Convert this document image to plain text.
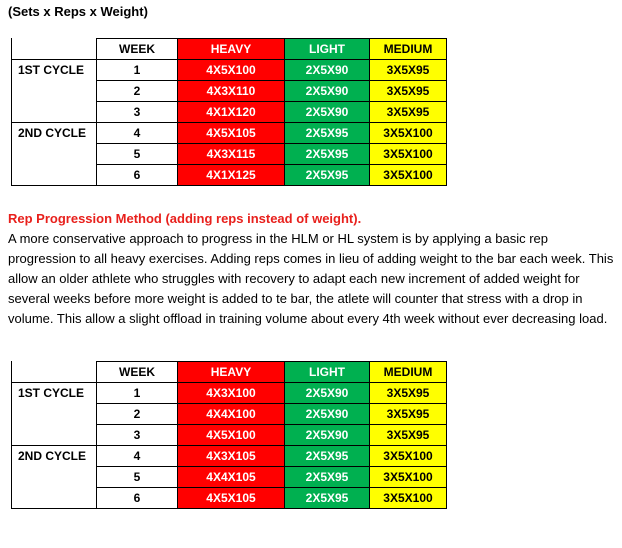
(Sets x Reps x Weight)
	WEEK	HEAVY	LIGHT	MEDIUM
1ST CYCLE	1	4X5X100	2X5X90	3X5X95
	2	4X3X110	2X5X90	3X5X95
	3	4X1X120	2X5X90	3X5X95
2ND CYCLE	4	4X5X105	2X5X95	3X5X100
	5	4X3X115	2X5X95	3X5X100
	6	4X1X125	2X5X95	3X5X100
Rep Progression Method (adding reps instead of weight).

A more conservative approach to progress in the HLM or HL system is by applying a basic rep progression to all heavy exercises. Adding reps comes in lieu of adding weight to the bar each week. This allow an older athlete who struggles with recovery to adapt each new increment of added weight for several weeks before more weight is added to te bar, the atlete will counter that stress with a drop in volume. This allow a slight offload in training volume about every 4th week without ever decreasing load.

	WEEK	HEAVY	LIGHT	MEDIUM
1ST CYCLE	1	4X3X100	2X5X90	3X5X95
	2	4X4X100	2X5X90	3X5X95
	3	4X5X100	2X5X90	3X5X95
2ND CYCLE	4	4X3X105	2X5X95	3X5X100
	5	4X4X105	2X5X95	3X5X100
	6	4X5X105	2X5X95	3X5X100
